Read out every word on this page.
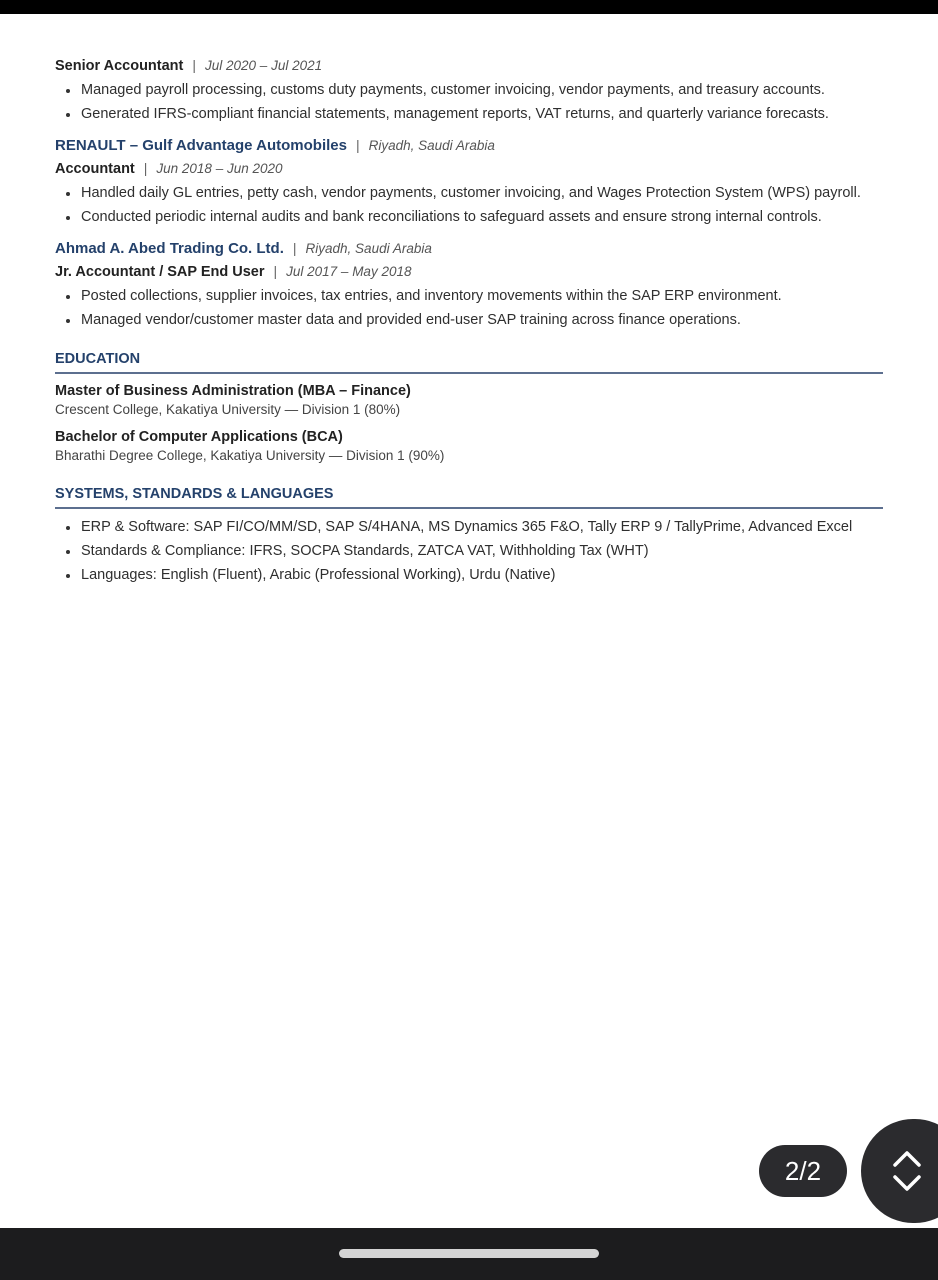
Senior Accountant | Jul 2020 – Jul 2021
Managed payroll processing, customs duty payments, customer invoicing, vendor payments, and treasury accounts.
Generated IFRS-compliant financial statements, management reports, VAT returns, and quarterly variance forecasts.
RENAULT – Gulf Advantage Automobiles | Riyadh, Saudi Arabia
Accountant | Jun 2018 – Jun 2020
Handled daily GL entries, petty cash, vendor payments, customer invoicing, and Wages Protection System (WPS) payroll.
Conducted periodic internal audits and bank reconciliations to safeguard assets and ensure strong internal controls.
Ahmad A. Abed Trading Co. Ltd. | Riyadh, Saudi Arabia
Jr. Accountant / SAP End User | Jul 2017 – May 2018
Posted collections, supplier invoices, tax entries, and inventory movements within the SAP ERP environment.
Managed vendor/customer master data and provided end-user SAP training across finance operations.
EDUCATION
Master of Business Administration (MBA – Finance)
Crescent College, Kakatiya University — Division 1 (80%)
Bachelor of Computer Applications (BCA)
Bharathi Degree College, Kakatiya University — Division 1 (90%)
SYSTEMS, STANDARDS & LANGUAGES
ERP & Software: SAP FI/CO/MM/SD, SAP S/4HANA, MS Dynamics 365 F&O, Tally ERP 9 / TallyPrime, Advanced Excel
Standards & Compliance: IFRS, SOCPA Standards, ZATCA VAT, Withholding Tax (WHT)
Languages: English (Fluent), Arabic (Professional Working), Urdu (Native)
2/2
